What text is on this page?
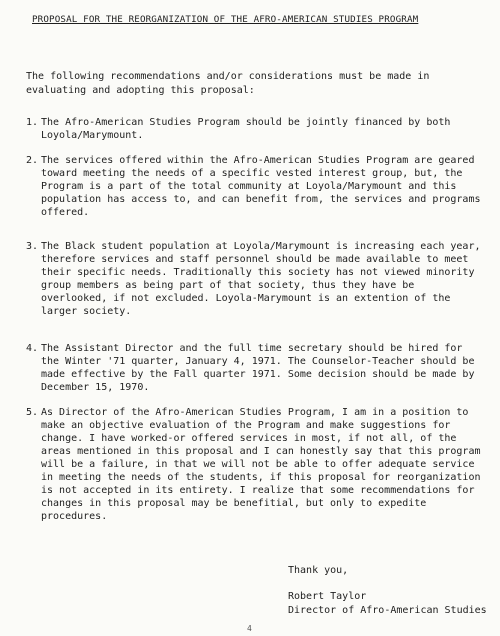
PROPOSAL FOR THE REORGANIZATION OF THE AFRO-AMERICAN STUDIES PROGRAM
The following recommendations and/or considerations must be made in evaluating and adopting this proposal:
1. The Afro-American Studies Program should be jointly financed by both Loyola/Marymount.
2. The services offered within the Afro-American Studies Program are geared toward meeting the needs of a specific vested interest group, but, the Program is a part of the total community at Loyola/Marymount and this population has access to, and can benefit from, the services and programs offered.
3. The Black student population at Loyola/Marymount is increasing each year, therefore services and staff personnel should be made available to meet their specific needs. Traditionally this society has not viewed minority group members as being part of that society, thus they have be overlooked, if not excluded. Loyola-Marymount is an extention of the larger society.
4. The Assistant Director and the full time secretary should be hired for the Winter '71 quarter, January 4, 1971. The Counselor-Teacher should be made effective by the Fall quarter 1971. Some decision should be made by December 15, 1970.
5. As Director of the Afro-American Studies Program, I am in a position to make an objective evaluation of the Program and make suggestions for change. I have worked-or offered services in most, if not all, of the areas mentioned in this proposal and I can honestly say that this program will be a failure, in that we will not be able to offer adequate service in meeting the needs of the students, if this proposal for reorganization is not accepted in its entirety. I realize that some recommendations for changes in this proposal may be benefitial, but only to expedite procedures.
Thank you,
Robert Taylor
Director of Afro-American Studies
4
